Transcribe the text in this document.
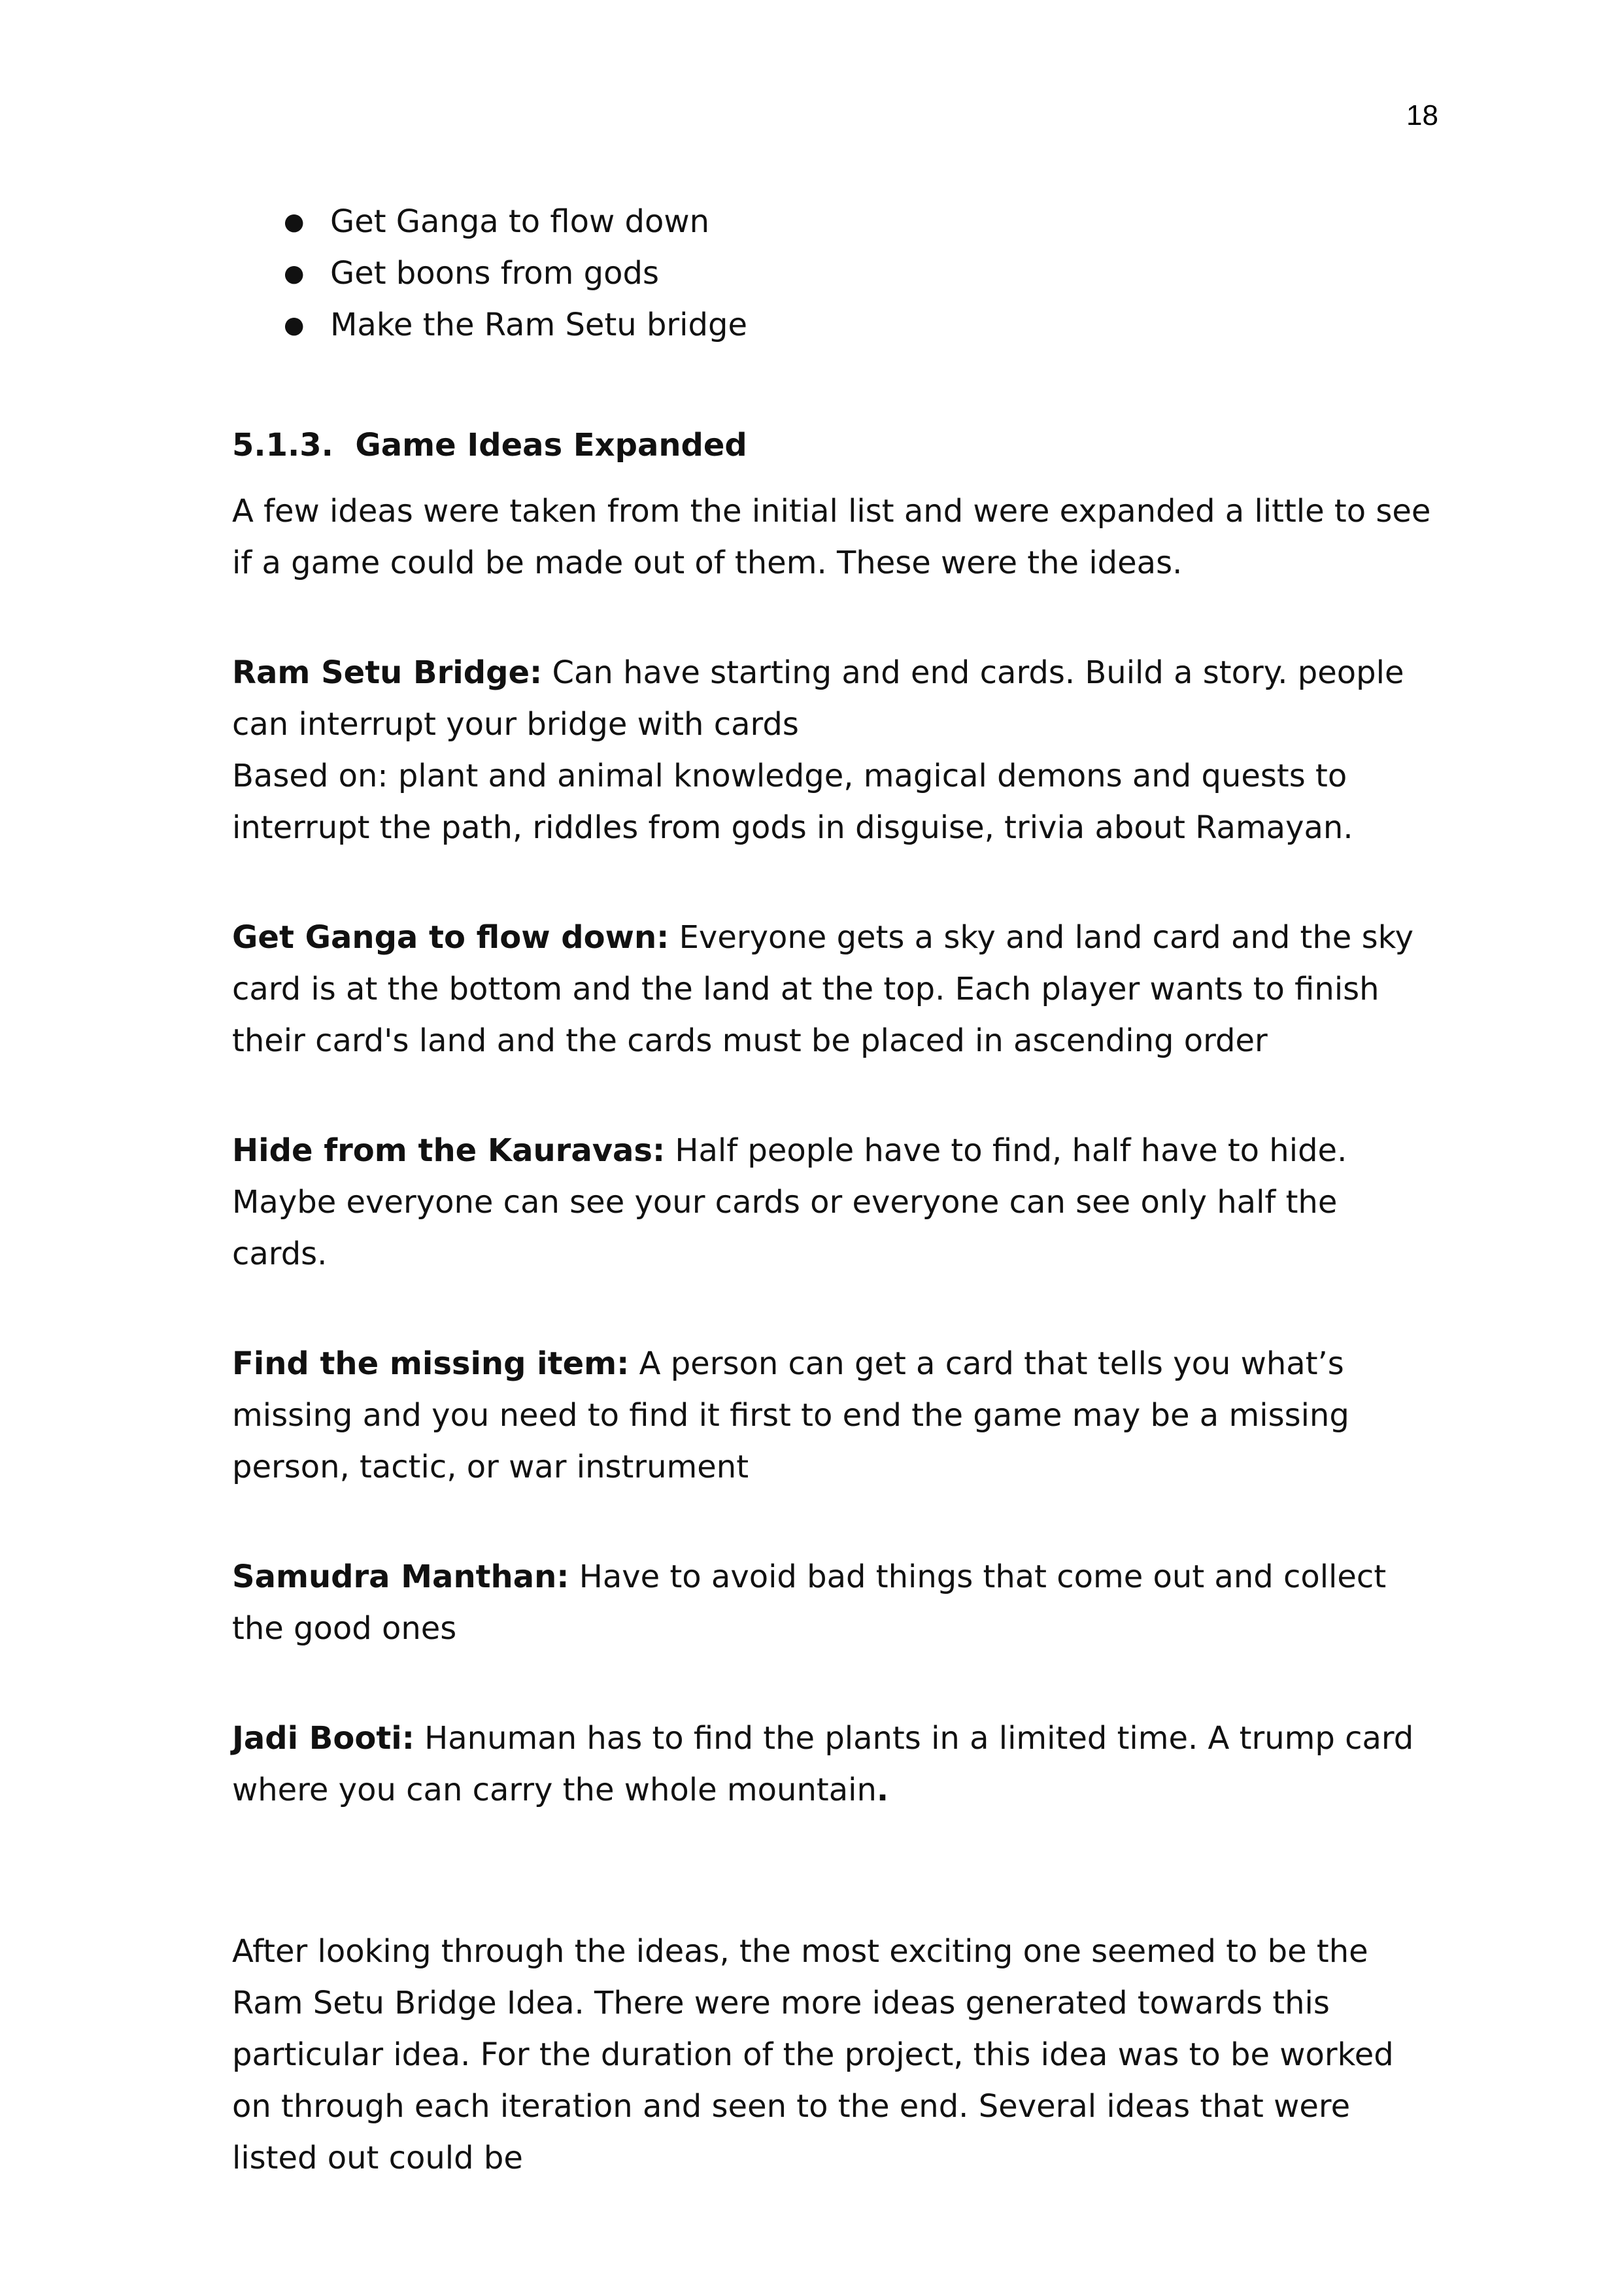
18
● Get Ganga to flow down
● Get boons from gods
● Make the Ram Setu bridge
5.1.3. Game Ideas Expanded

A few ideas were taken from the initial list and were expanded a little to see if a game could be made out of them. These were the ideas.

Ram Setu Bridge: Can have starting and end cards. Build a story. people can interrupt your bridge with cards

Based on: plant and animal knowledge, magical demons and quests to interrupt the path, riddles from gods in disguise, trivia about Ramayan.

Get Ganga to flow down: Everyone gets a sky and land card and the sky card is at the bottom and the land at the top. Each player wants to finish their card's land and the cards must be placed in ascending order

Hide from the Kauravas: Half people have to find, half have to hide. Maybe everyone can see your cards or everyone can see only half the cards.

Find the missing item: A person can get a card that tells you what’s missing and you need to find it first to end the game may be a missing person, tactic, or war instrument

Samudra Manthan: Have to avoid bad things that come out and collect the good ones

Jadi Booti: Hanuman has to find the plants in a limited time. A trump card where you can carry the whole mountain.

After looking through the ideas, the most exciting one seemed to be the Ram Setu Bridge Idea. There were more ideas generated towards this particular idea. For the duration of the project, this idea was to be worked on through each iteration and seen to the end. Several ideas that were listed out could be
